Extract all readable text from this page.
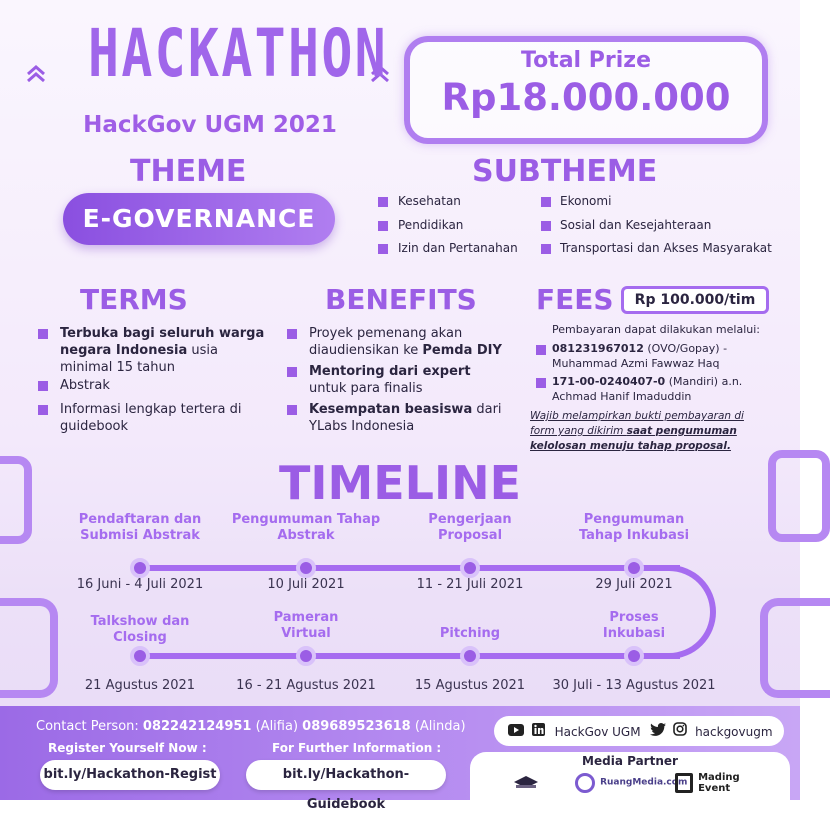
HACKATHON
HackGov UGM 2021
Total Prize
Rp18.000.000
THEME
E-GOVERNANCE
SUBTHEME
Kesehatan
Pendidikan
Izin dan Pertanahan
Ekonomi
Sosial dan Kesejahteraan
Transportasi dan Akses Masyarakat
TERMS
Terbuka bagi seluruh warga negara Indonesia usia minimal 15 tahun
Abstrak
Informasi lengkap tertera di guidebook
BENEFITS
Proyek pemenang akan diaudiensikan ke Pemda DIY
Mentoring dari expert untuk para finalis
Kesempatan beasiswa dari YLabs Indonesia
FEES	Rp 100.000/tim
Pembayaran dapat dilakukan melalui:
081231967012 (OVO/Gopay) - Muhammad Azmi Fawwaz Haq
171-00-0240407-0 (Mandiri) a.n. Achmad Hanif Imaduddin
Wajib melampirkan bukti pembayaran di form yang dikirim saat pengumuman kelolosan menuju tahap proposal.
TIMELINE
Pendaftaran dan Submisi Abstrak
Pengumuman Tahap Abstrak
Pengerjaan Proposal
Pengumuman Tahap Inkubasi
16 Juni - 4 Juli 2021	10 Juli 2021	11 - 21 Juli 2021	29 Juli 2021
Talkshow dan Closing
Pameran Virtual	Pitching
Proses Inkubasi
21 Agustus 2021	16 - 21 Agustus 2021	15 Agustus 2021	30 Juli - 13 Agustus 2021
Contact Person: 082242124951 (Alifia) 089689523618 (Alinda)
Register Yourself Now :	For Further Information :
bit.ly/Hackathon-Regist	bit.ly/Hackathon-Guidebook
HackGov UGM	hackgovugm
Media Partner
RuangMedia.com	Mading
Event
